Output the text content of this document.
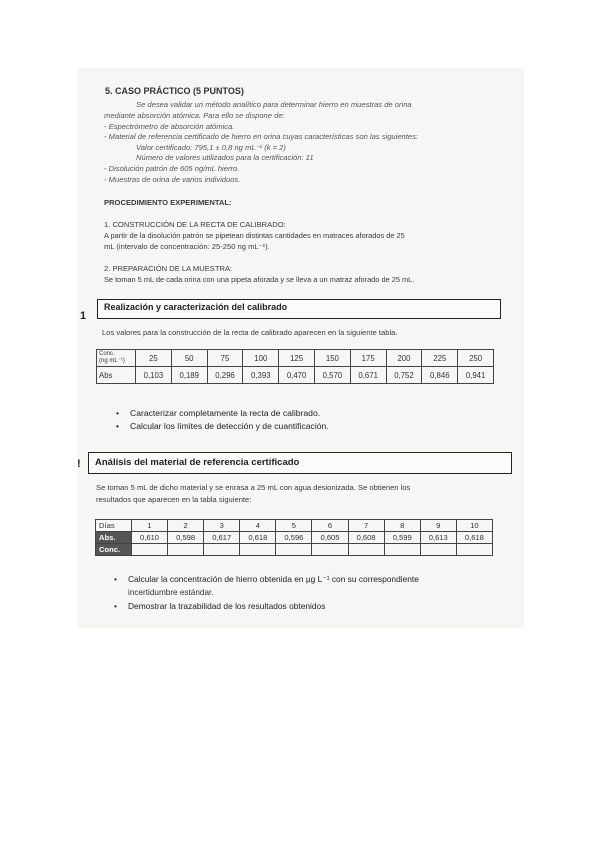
5. CASO PRÁCTICO (5 PUNTOS)
Se desea validar un método analítico para determinar hierro en muestras de orina
mediante absorción atómica. Para ello se dispone de:
- Espectrómetro de absorción atómica.
- Material de referencia certificado de hierro en orina cuyas características son las siguientes:
Valor certificado: 795,1 ± 0,8 ng mL⁻¹ (k = 2)
Número de valores utilizados para la certificación: 11
- Disolución patrón de 605 ng/mL hierro.
- Muestras de orina de varios individuos.
PROCEDIMIENTO EXPERIMENTAL:
1. CONSTRUCCIÓN DE LA RECTA DE CALIBRADO:
A partir de la disolución patrón se pipetean distintas cantidades en matraces aforados de 25
mL (intervalo de concentración: 25-250 ng mL⁻¹).
2. PREPARACIÓN DE LA MUESTRA:
Se toman 5 mL de cada orina con una pipeta aforada y se lleva a un matraz aforado de 25 mL.
1
Realización y caracterización del calibrado
Los valores para la construcción de la recta de calibrado aparecen en la siguiente tabla.
Conc.
(ng mL⁻¹)	25	50	75	100	125	150	175	200	225	250
Abs	0,103	0,189	0,296	0,393	0,470	0,570	0,671	0,752	0,846	0,941
• Caracterizar completamente la recta de calibrado.
• Calcular los límites de detección y de cuantificación.
!	Análisis del material de referencia certificado
Se toman 5 mL de dicho material y se enrasa a 25 mL con agua desionizada. Se obtienen los
resultados que aparecen en la tabla siguiente:
Días	1	2	3	4	5	6	7	8	9	10
Abs.	0,610	0,598	0,617	0,618	0,596	0,605	0,608	0,599	0,613	0,618
Conc.										
• Calcular la concentración de hierro obtenida en µg L⁻¹ con su correspondiente
incertidumbre estándar.
• Demostrar la trazabilidad de los resultados obtenidos
